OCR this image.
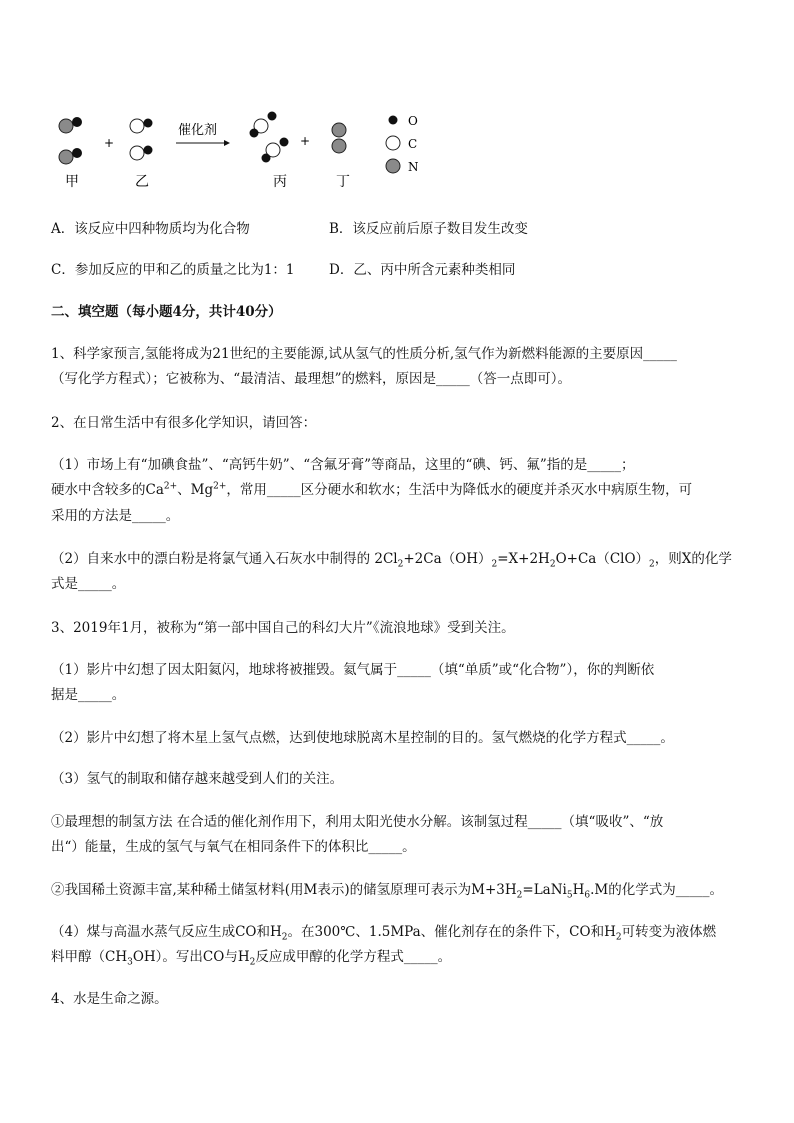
+
催化剂
+
O
C
N
甲	乙	丙	丁
A．该反应中四种物质均为化合物	B．该反应前后原子数目发生改变
C．参加反应的甲和乙的质量之比为1：1	D．乙、丙中所含元素种类相同
二、填空题（每小题4分，共计40分）
1、科学家预言,氢能将成为21世纪的主要能源,试从氢气的性质分析,氢气作为新燃料能源的主要原因_____
（写化学方程式）；它被称为、“最清洁、最理想”的燃料，原因是_____（答一点即可）。
2、在日常生活中有很多化学知识，请回答：
（1）市场上有“加碘食盐”、“高钙牛奶”、“含氟牙膏”等商品，这里的“碘、钙、氟”指的是_____；
硬水中含较多的$Ca^{2+}$、$Mg^{2+}$，常用_____区分硬水和软水；生活中为降低水的硬度并杀灭水中病原生物，可
采用的方法是_____。
（2）自来水中的漂白粉是将氯气通入石灰水中制得的 $2Cl_2+2Ca(OH)_2=X+2H_2O+Ca(ClO)_2$，则X的化学
式是_____。
3、2019年1月，被称为“第一部中国自己的科幻大片”《流浪地球》受到关注。
（1）影片中幻想了因太阳氦闪，地球将被摧毁。氦气属于_____（填“单质”或“化合物”），你的判断依
据是_____。
（2）影片中幻想了将木星上氢气点燃，达到使地球脱离木星控制的目的。氢气燃烧的化学方程式_____。
（3）氢气的制取和储存越来越受到人们的关注。
①最理想的制氢方法 在合适的催化剂作用下，利用太阳光使水分解。该制氢过程_____（填“吸收”、“放
出“）能量，生成的氢气与氧气在相同条件下的体积比_____。
②我国稀土资源丰富,某种稀土储氢材料(用M表示)的储氢原理可表示为$M+3H_2=LaNi_5H_6.M$的化学式为_____。
（4）煤与高温水蒸气反应生成CO和$H_2$。在300℃、1.5MPa、催化剂存在的条件下，CO和$H_2$可转变为液体燃
料甲醇$(CH_3OH)$。写出CO与$H_2$反应成甲醇的化学方程式_____。
4、水是生命之源。
